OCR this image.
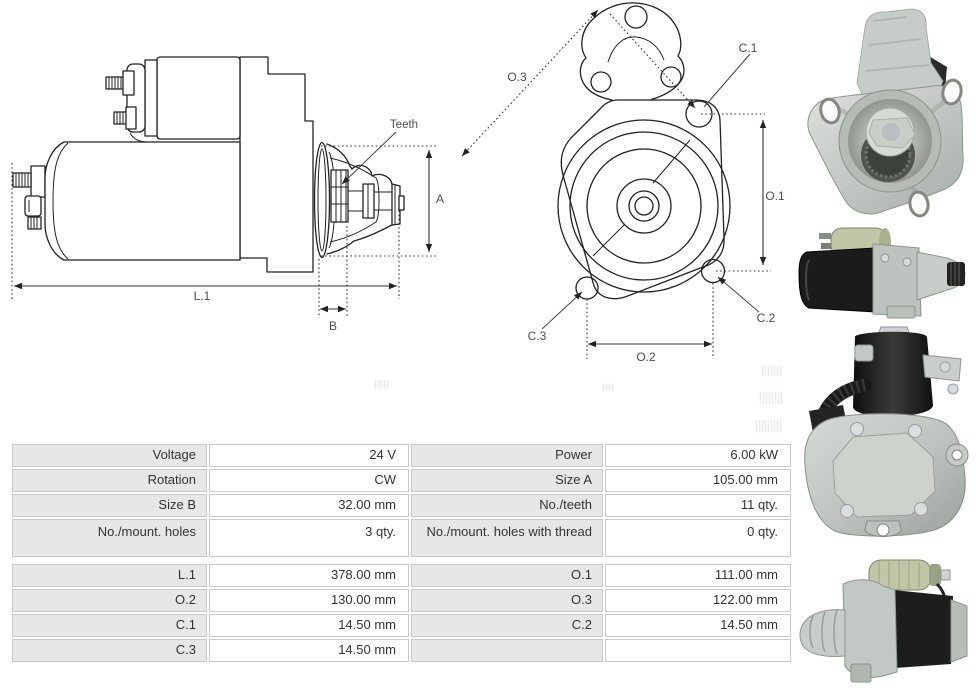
A
L.1
B
Teeth
O.3
C.1
O.1
C.2
C.3
O.2
Voltage	24 V	Power	6.00 kW
Rotation	CW	Size A	105.00 mm
Size B	32.00 mm	No./teeth	11 qty.
No./mount. holes	3 qty.	No./mount. holes with thread	0 qty.
L.1	378.00 mm	O.1	111.00 mm
O.2	130.00 mm	O.3	122.00 mm
C.1	14.50 mm	C.2	14.50 mm
C.3	14.50 mm		
